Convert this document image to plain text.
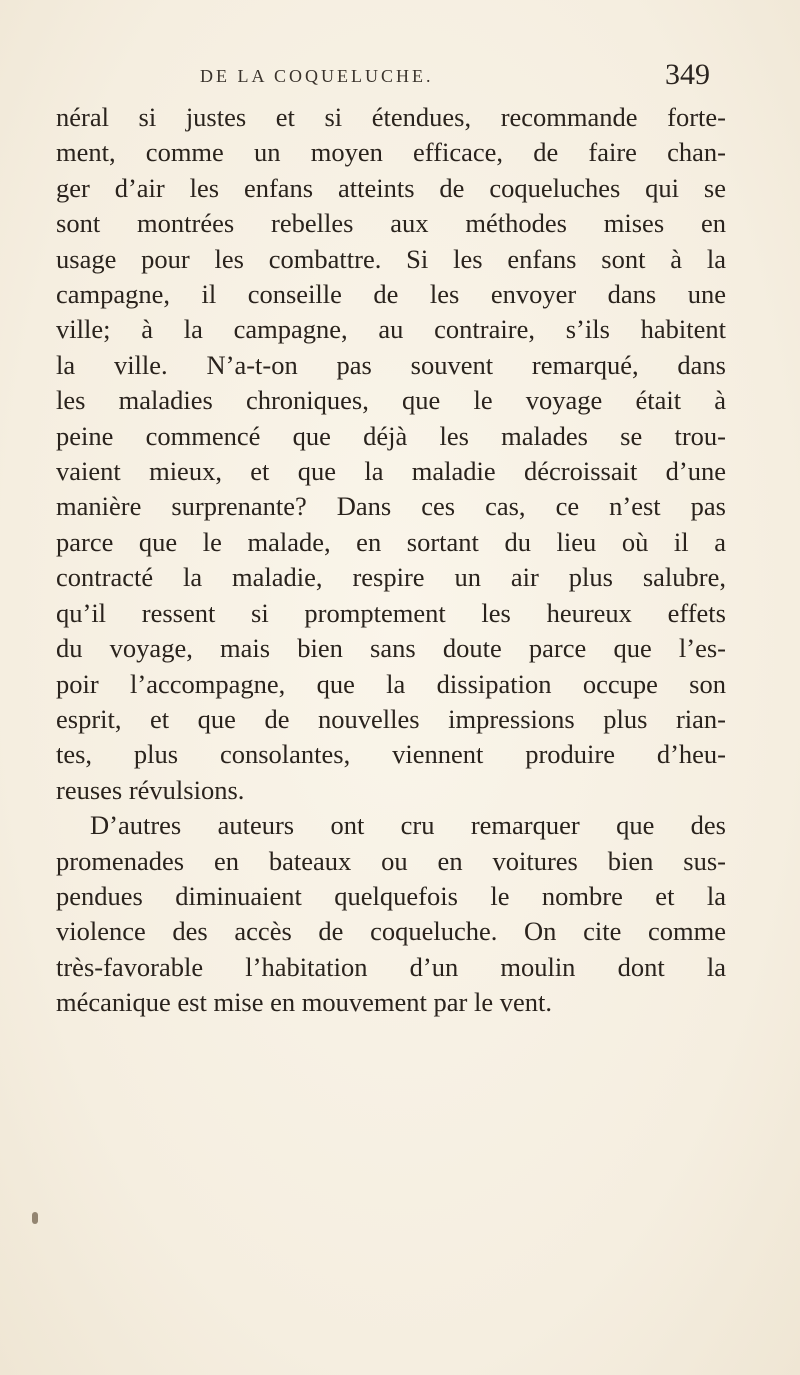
DE LA COQUELUCHE.	349
néral si justes et si étendues, recommande forte-
ment, comme un moyen efficace, de faire chan-
ger d’air les enfans atteints de coqueluches qui se
sont montrées rebelles aux méthodes mises en
usage pour les combattre. Si les enfans sont à la
campagne, il conseille de les envoyer dans une
ville; à la campagne, au contraire, s’ils habitent
la ville. N’a-t-on pas souvent remarqué, dans
les maladies chroniques, que le voyage était à
peine commencé que déjà les malades se trou-
vaient mieux, et que la maladie décroissait d’une
manière surprenante? Dans ces cas, ce n’est pas
parce que le malade, en sortant du lieu où il a
contracté la maladie, respire un air plus salubre,
qu’il ressent si promptement les heureux effets
du voyage, mais bien sans doute parce que l’es-
poir l’accompagne, que la dissipation occupe son
esprit, et que de nouvelles impressions plus rian-
tes, plus consolantes, viennent produire d’heu-
reuses révulsions.
D’autres auteurs ont cru remarquer que des
promenades en bateaux ou en voitures bien sus-
pendues diminuaient quelquefois le nombre et la
violence des accès de coqueluche. On cite comme
très-favorable l’habitation d’un moulin dont la
mécanique est mise en mouvement par le vent.
